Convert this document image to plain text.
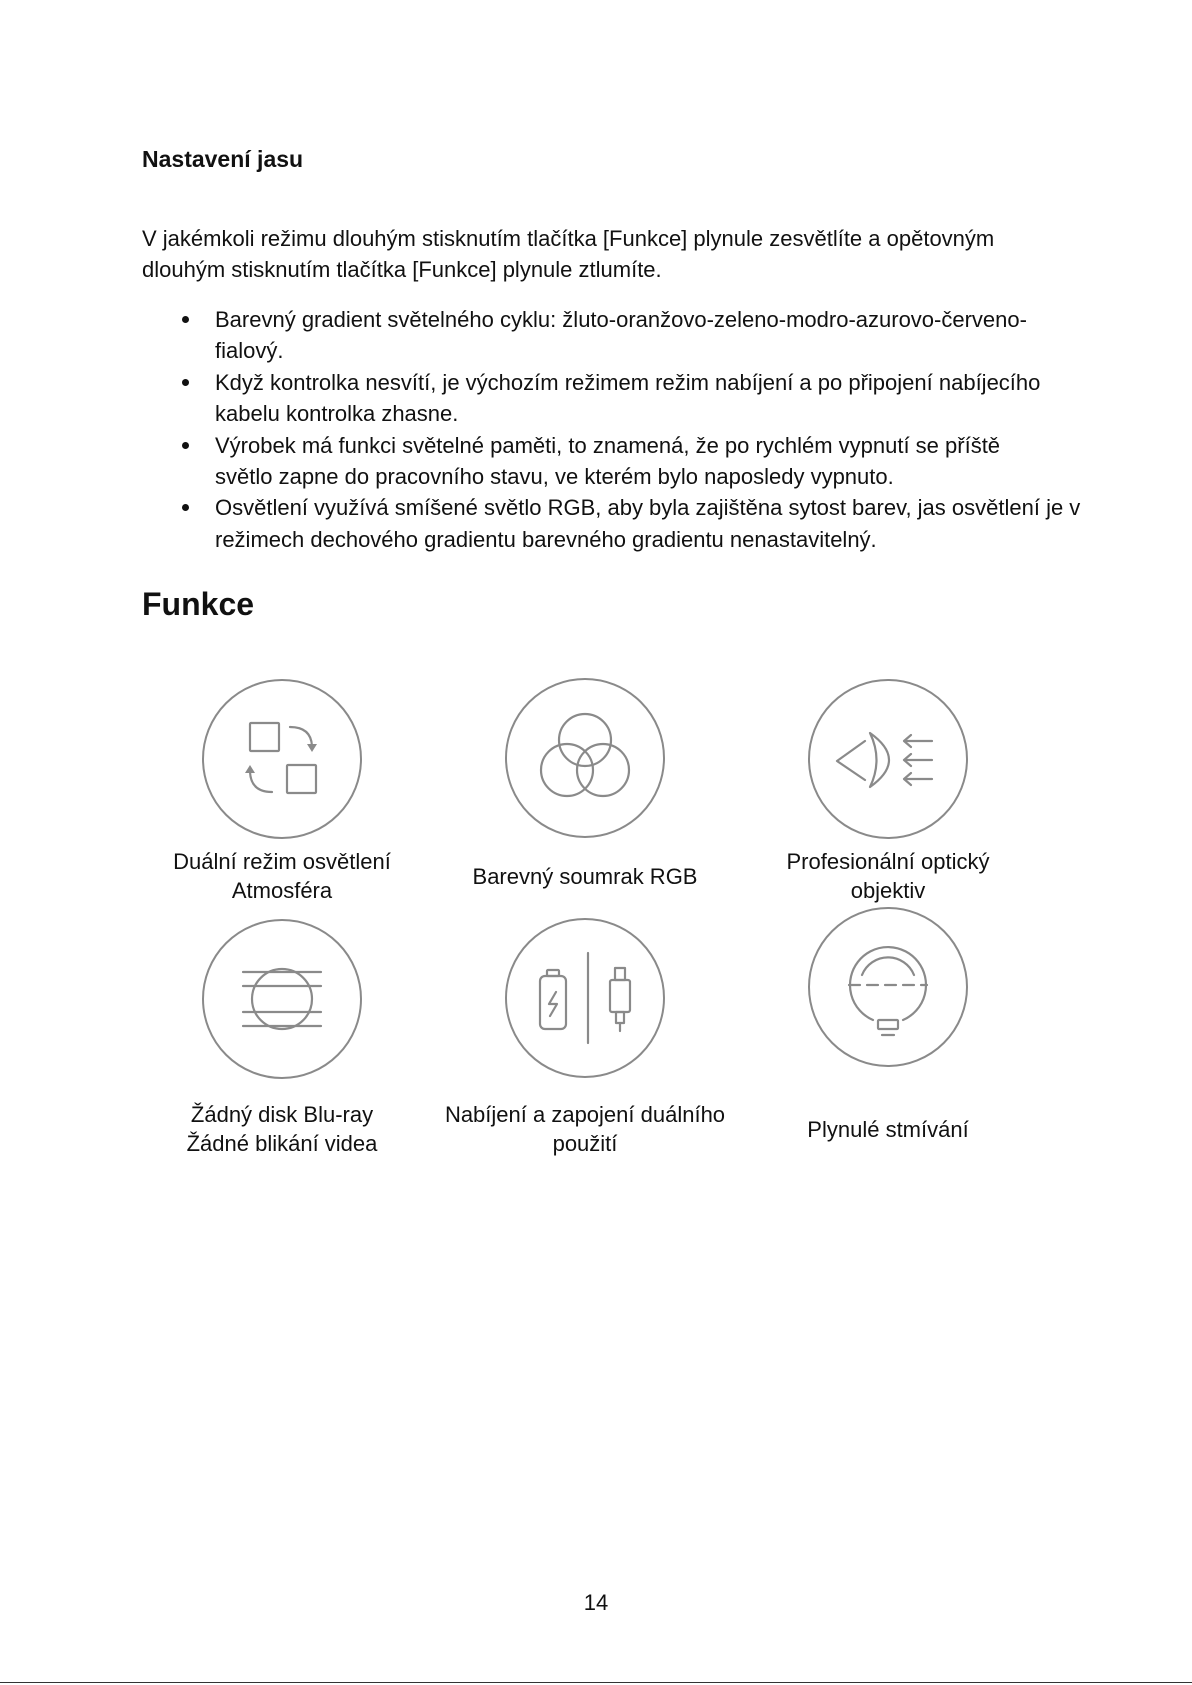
Nastavení jasu

V jakémkoli režimu dlouhým stisknutím tlačítka [Funkce] plynule zesvětlíte a opětovným
dlouhým stisknutím tlačítka [Funkce] plynule ztlumíte.

Barevný gradient světelného cyklu: žluto-oranžovo-zeleno-modro-azurovo-červeno-
fialový.
Když kontrolka nesvítí, je výchozím režimem režim nabíjení a po připojení nabíjecího
kabelu kontrolka zhasne.
Výrobek má funkci světelné paměti, to znamená, že po rychlém vypnutí se příště
světlo zapne do pracovního stavu, ve kterém bylo naposledy vypnuto.
Osvětlení využívá smíšené světlo RGB, aby byla zajištěna sytost barev, jas osvětlení je v
režimech dechového gradientu barevného gradientu nenastavitelný.
Funkce
Duální režim osvětlení
Atmosféra
Barevný soumrak RGB
Profesionální optický
objektiv
Žádný disk Blu-ray
Žádné blikání videa
Nabíjení a zapojení duálního
použití
Plynulé stmívání
14
